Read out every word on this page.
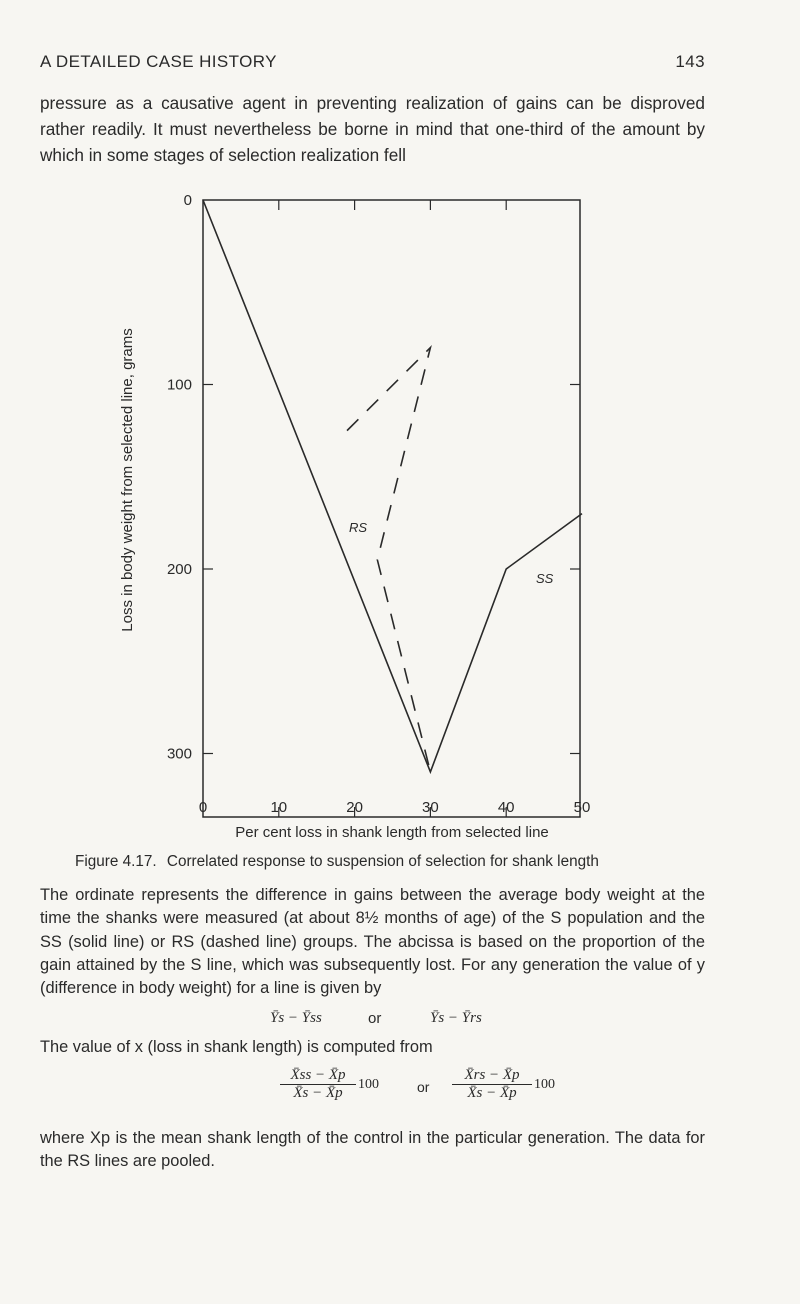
A DETAILED CASE HISTORY	143

pressure as a causative agent in preventing realization of gains can be disproved rather readily. It must nevertheless be borne in mind that one-third of the amount by which in some stages of selection realization fell

0
100
200
300
0	10	20	30	40	50
Loss in body weight from selected line, grams
Per cent loss in shank length from selected line
RS
SS
Figure 4.17. Correlated response to suspension of selection for shank length

The ordinate represents the difference in gains between the average body weight at the time the shanks were measured (at about 8½ months of age) of the S population and the SS (solid line) or RS (dashed line) groups. The abcissa is based on the proportion of the gain attained by the S line, which was subsequently lost. For any generation the value of y (difference in body weight) for a line is given by

Ȳs − Ȳss	or	Ȳs − Ȳrs

The value of x (loss in shank length) is computed from

$\frac{X̄ss - X̄p}{X̄s - X̄p} 100$	or $\frac{X̄rs - X̄p}{X̄s - X̄p} 100$

where Xp is the mean shank length of the control in the particular generation. The data for the RS lines are pooled.
